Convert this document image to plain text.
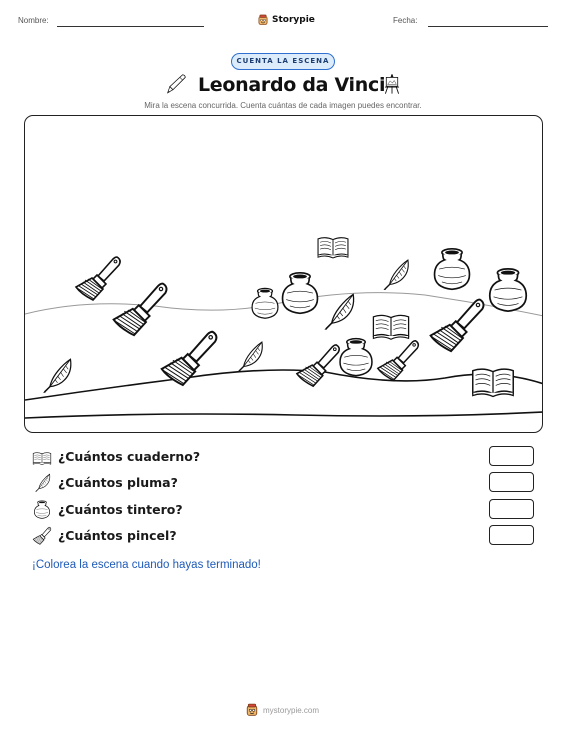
Nombre:	Storypie	Fecha:
CUENTA LA ESCENA
Leonardo da Vinci
Mira la escena concurrida. Cuenta cuántas de cada imagen puedes encontrar.
¿Cuántos cuaderno?
¿Cuántos pluma?
¿Cuántos tintero?
¿Cuántos pincel?
¡Colorea la escena cuando hayas terminado!
mystorypie.com
